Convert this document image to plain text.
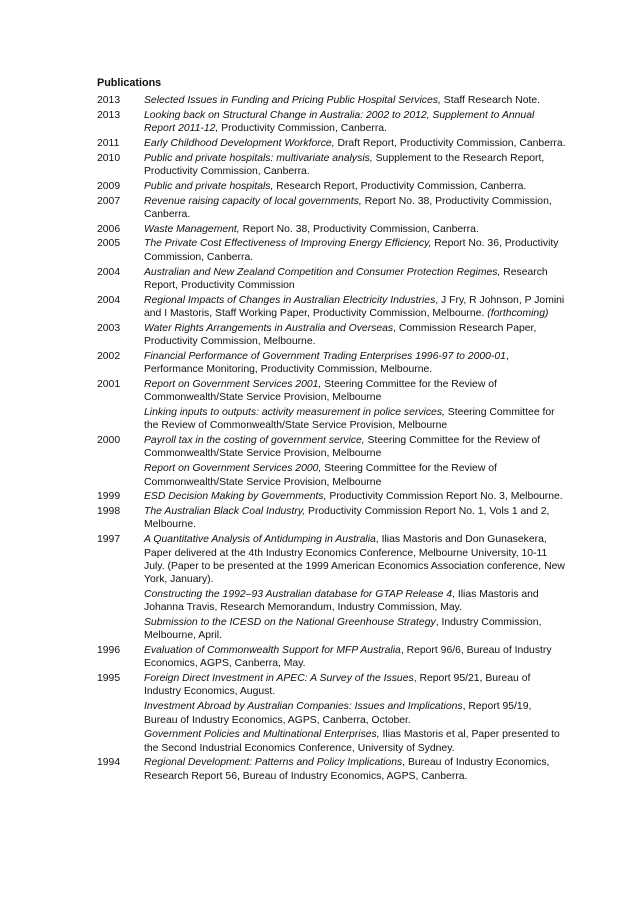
Publications
2013	Selected Issues in Funding and Pricing Public Hospital Services, Staff Research Note.
2013	Looking back on Structural Change in Australia: 2002 to 2012, Supplement to Annual Report 2011-12, Productivity Commission, Canberra.
2011	Early Childhood Development Workforce, Draft Report, Productivity Commission, Canberra.
2010	Public and private hospitals: multivariate analysis, Supplement to the Research Report, Productivity Commission, Canberra.
2009	Public and private hospitals, Research Report, Productivity Commission, Canberra.
2007	Revenue raising capacity of local governments, Report No. 38, Productivity Commission, Canberra.
2006	Waste Management, Report No. 38, Productivity Commission, Canberra.
2005	The Private Cost Effectiveness of Improving Energy Efficiency, Report No. 36, Productivity Commission, Canberra.
2004	Australian and New Zealand Competition and Consumer Protection Regimes, Research Report, Productivity Commission
2004	Regional Impacts of Changes in Australian Electricity Industries, J Fry, R Johnson, P Jomini and I Mastoris, Staff Working Paper, Productivity Commission, Melbourne. (forthcoming)
2003	Water Rights Arrangements in Australia and Overseas, Commission Research Paper, Productivity Commission, Melbourne.
2002	Financial Performance of Government Trading Enterprises 1996-97 to 2000-01, Performance Monitoring, Productivity Commission, Melbourne.
2001	Report on Government Services 2001, Steering Committee for the Review of Commonwealth/State Service Provision, Melbourne
Linking inputs to outputs: activity measurement in police services, Steering Committee for the Review of Commonwealth/State Service Provision, Melbourne
2000	Payroll tax in the costing of government service, Steering Committee for the Review of Commonwealth/State Service Provision, Melbourne
Report on Government Services 2000, Steering Committee for the Review of Commonwealth/State Service Provision, Melbourne
1999	ESD Decision Making by Governments, Productivity Commission Report No. 3, Melbourne.
1998	The Australian Black Coal Industry, Productivity Commission Report No. 1, Vols 1 and 2, Melbourne.
1997	A Quantitative Analysis of Antidumping in Australia, Ilias Mastoris and Don Gunasekera, Paper delivered at the 4th Industry Economics Conference, Melbourne University, 10-11 July. (Paper to be presented at the 1999 American Economics Association conference, New York, January).
Constructing the 1992–93 Australian database for GTAP Release 4, Ilias Mastoris and Johanna Travis, Research Memorandum, Industry Commission, May.
Submission to the ICESD on the National Greenhouse Strategy, Industry Commission, Melbourne, April.
1996	Evaluation of Commonwealth Support for MFP Australia, Report 96/6, Bureau of Industry Economics, AGPS, Canberra, May.
1995	Foreign Direct Investment in APEC: A Survey of the Issues, Report 95/21, Bureau of Industry Economics, August.
Investment Abroad by Australian Companies: Issues and Implications, Report 95/19, Bureau of Industry Economics, AGPS, Canberra, October.
Government Policies and Multinational Enterprises, Ilias Mastoris et al, Paper presented to the Second Industrial Economics Conference, University of Sydney.
1994	Regional Development: Patterns and Policy Implications, Bureau of Industry Economics, Research Report 56, Bureau of Industry Economics, AGPS, Canberra.
